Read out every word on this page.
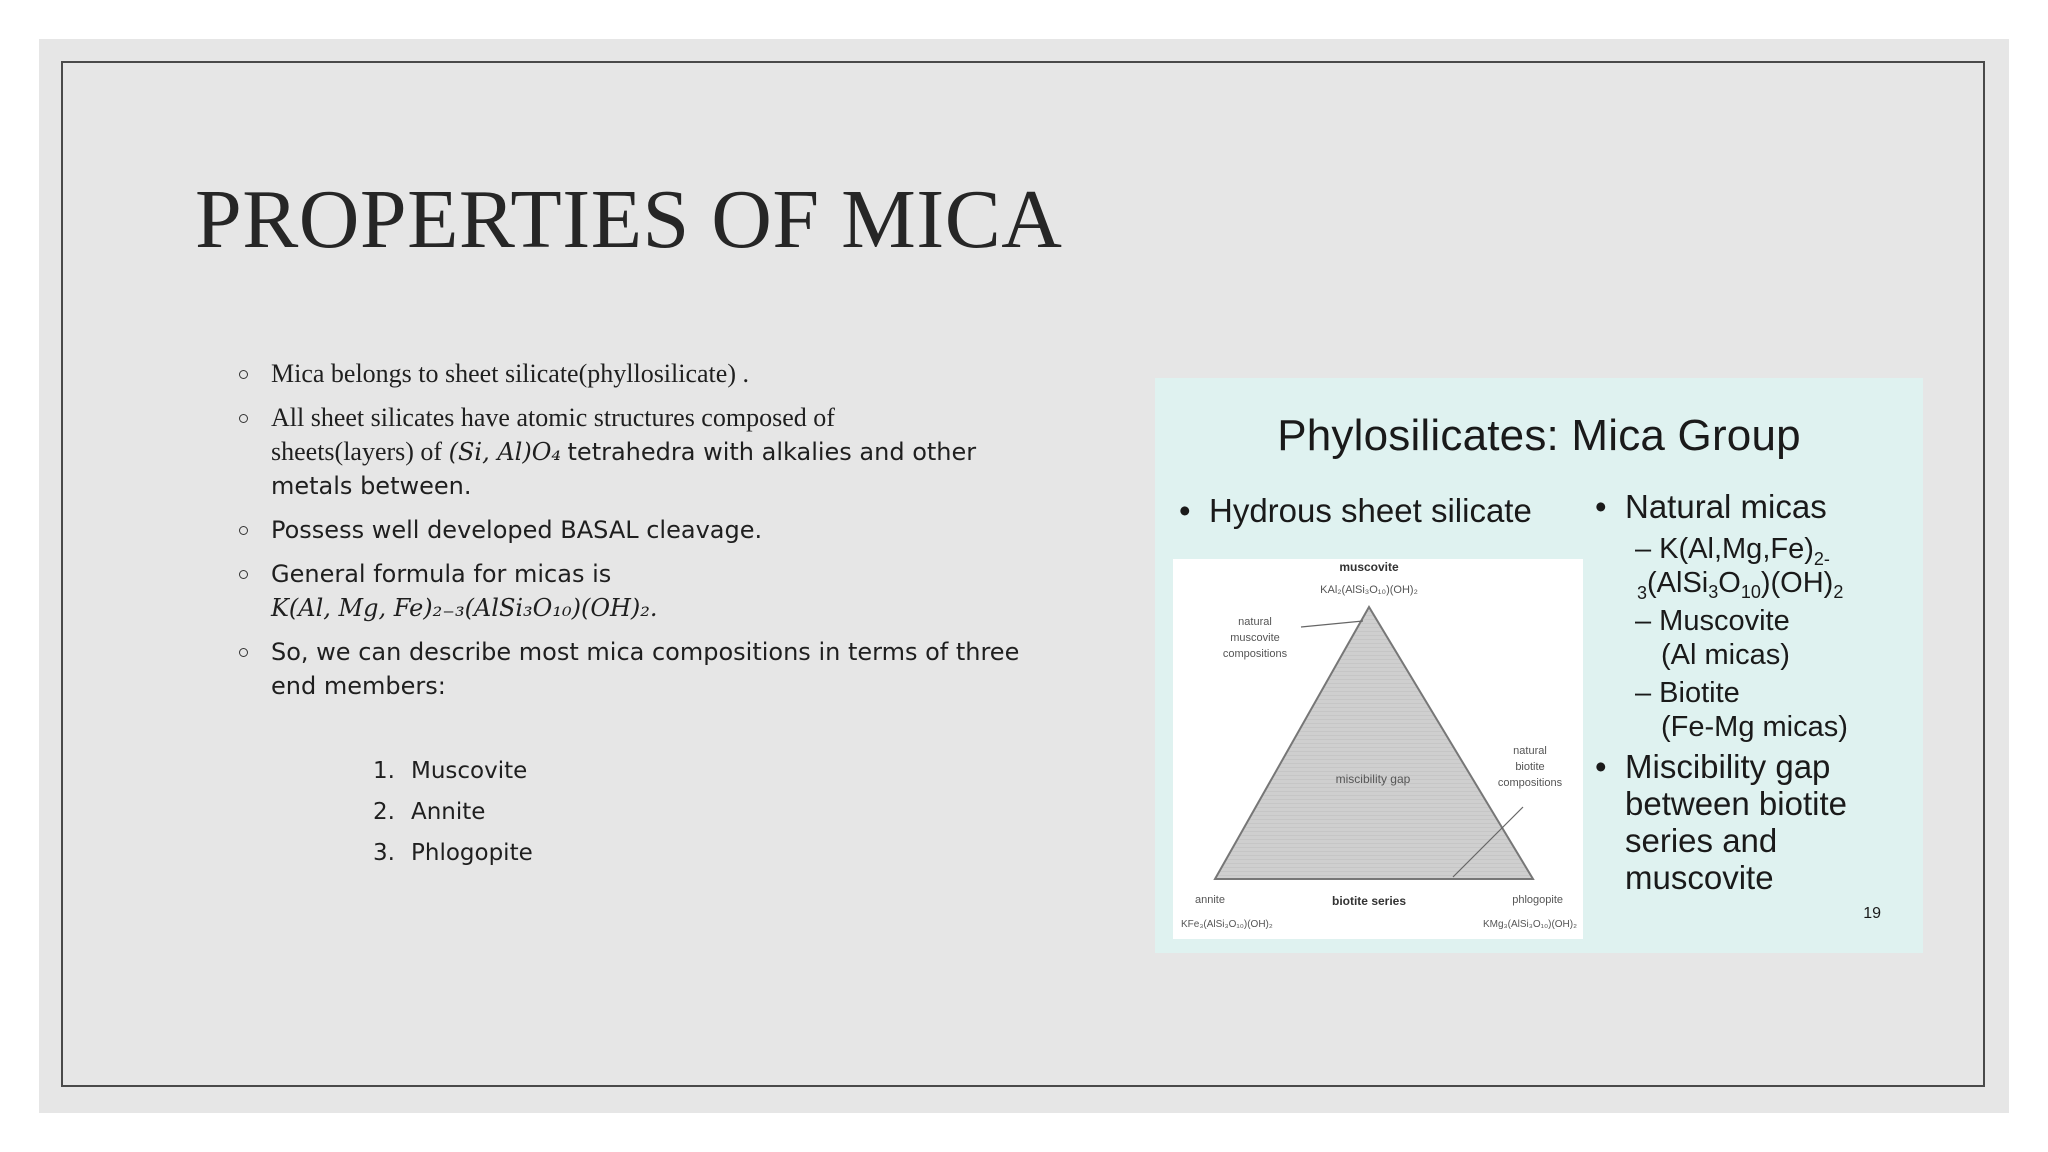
PROPERTIES OF MICA
Mica belongs to sheet silicate(phyllosilicate) .
All sheet silicates have atomic structures composed of
sheets(layers) of (Si, Al)O₄ tetrahedra with alkalies and other metals between.
Possess well developed BASAL cleavage.
General formula for micas is
K(Al, Mg, Fe)₂₋₃(AlSi₃O₁₀)(OH)₂.
So, we can describe most mica compositions in terms of three end members:
1. Muscovite
2. Annite
3. Phlogopite
Phylosilicates: Mica Group
• Hydrous sheet silicate • Natural micas
– $K(Al,Mg,Fe)_{2-}$
$_3(AlSi_3O_{10})(OH)_2$
– Muscovite
(Al micas)
– Biotite
(Fe-Mg micas)
• Miscibility gap
between biotite
series and
muscovite
19
muscovite
KAl₂(AlSi₃O₁₀)(OH)₂
natural
muscovite
compositions
miscibility gap
natural
biotite
compositions
annite	biotite series	phlogopite
KFe₃(AlSi₃O₁₀)(OH)₂	KMg₃(AlSi₃O₁₀)(OH)₂
